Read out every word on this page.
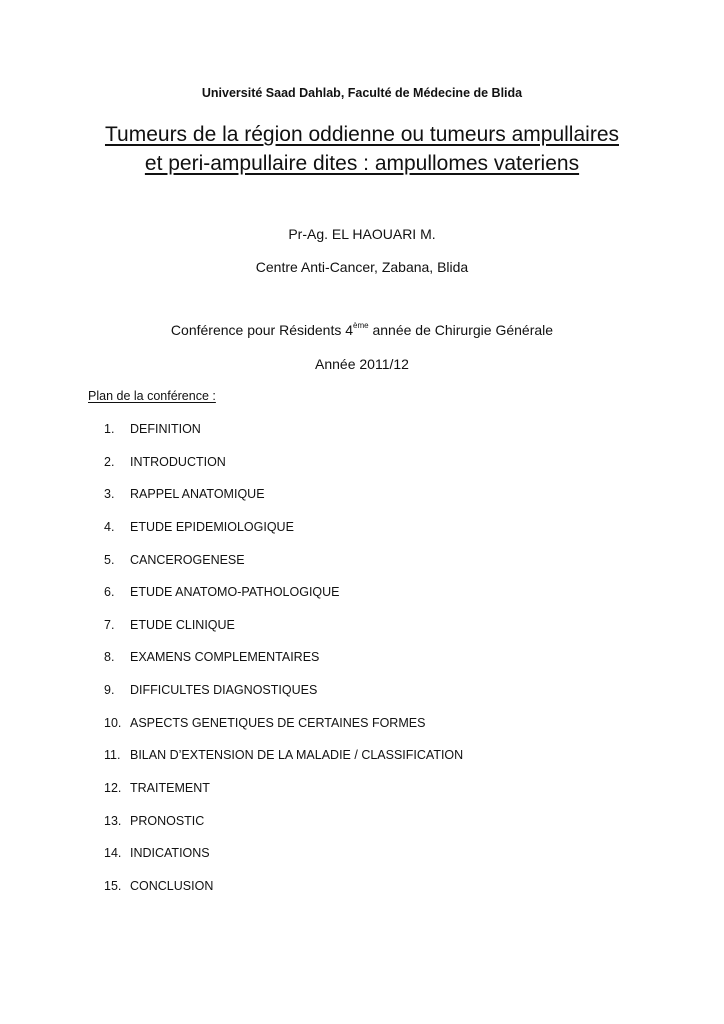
Université Saad Dahlab, Faculté de Médecine de Blida
Tumeurs de la région oddienne ou tumeurs ampullaires
et peri-ampullaire dites : ampullomes vateriens
Pr-Ag. EL HAOUARI M.
Centre Anti-Cancer, Zabana, Blida
Conférence pour Résidents 4ème année de Chirurgie Générale
Année 2011/12
Plan de la conférence :
1. DEFINITION
2. INTRODUCTION
3. RAPPEL ANATOMIQUE
4. ETUDE EPIDEMIOLOGIQUE
5. CANCEROGENESE
6. ETUDE ANATOMO-PATHOLOGIQUE
7. ETUDE CLINIQUE
8. EXAMENS COMPLEMENTAIRES
9. DIFFICULTES DIAGNOSTIQUES
10. ASPECTS GENETIQUES DE CERTAINES FORMES
11. BILAN D’EXTENSION DE LA MALADIE / CLASSIFICATION
12. TRAITEMENT
13. PRONOSTIC
14. INDICATIONS
15. CONCLUSION
